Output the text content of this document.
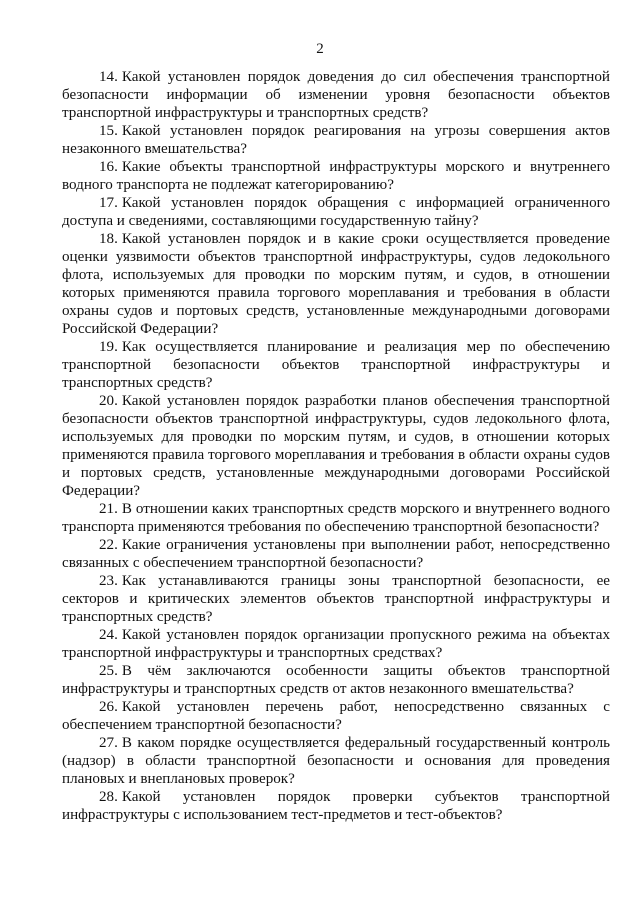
2

14. Какой установлен порядок доведения до сил обеспечения транспортной безопасности информации об изменении уровня безопасности объектов транспортной инфраструктуры и транспортных средств?

15. Какой установлен порядок реагирования на угрозы совершения актов незаконного вмешательства?

16. Какие объекты транспортной инфраструктуры морского и внутреннего водного транспорта не подлежат категорированию?

17. Какой установлен порядок обращения с информацией ограниченного доступа и сведениями, составляющими государственную тайну?

18. Какой установлен порядок и в какие сроки осуществляется проведение оценки уязвимости объектов транспортной инфраструктуры, судов ледокольного флота, используемых для проводки по морским путям, и судов, в отношении которых применяются правила торгового мореплавания и требования в области охраны судов и портовых средств, установленные международными договорами Российской Федерации?

19. Как осуществляется планирование и реализация мер по обеспечению транспортной безопасности объектов транспортной инфраструктуры и транспортных средств?

20. Какой установлен порядок разработки планов обеспечения транспортной безопасности объектов транспортной инфраструктуры, судов ледокольного флота, используемых для проводки по морским путям, и судов, в отношении которых применяются правила торгового мореплавания и требования в области охраны судов и портовых средств, установленные международными договорами Российской Федерации?

21. В отношении каких транспортных средств морского и внутреннего водного транспорта применяются требования по обеспечению транспортной безопасности?

22. Какие ограничения установлены при выполнении работ, непосредственно связанных с обеспечением транспортной безопасности?

23. Как устанавливаются границы зоны транспортной безопасности, ее секторов и критических элементов объектов транспортной инфраструктуры и транспортных средств?

24. Какой установлен порядок организации пропускного режима на объектах транспортной инфраструктуры и транспортных средствах?

25. В чём заключаются особенности защиты объектов транспортной инфраструктуры и транспортных средств от актов незаконного вмешательства?

26. Какой установлен перечень работ, непосредственно связанных с обеспечением транспортной безопасности?

27. В каком порядке осуществляется федеральный государственный контроль (надзор) в области транспортной безопасности и основания для проведения плановых и внеплановых проверок?

28. Какой установлен порядок проверки субъектов транспортной инфраструктуры с использованием тест-предметов и тест-объектов?
